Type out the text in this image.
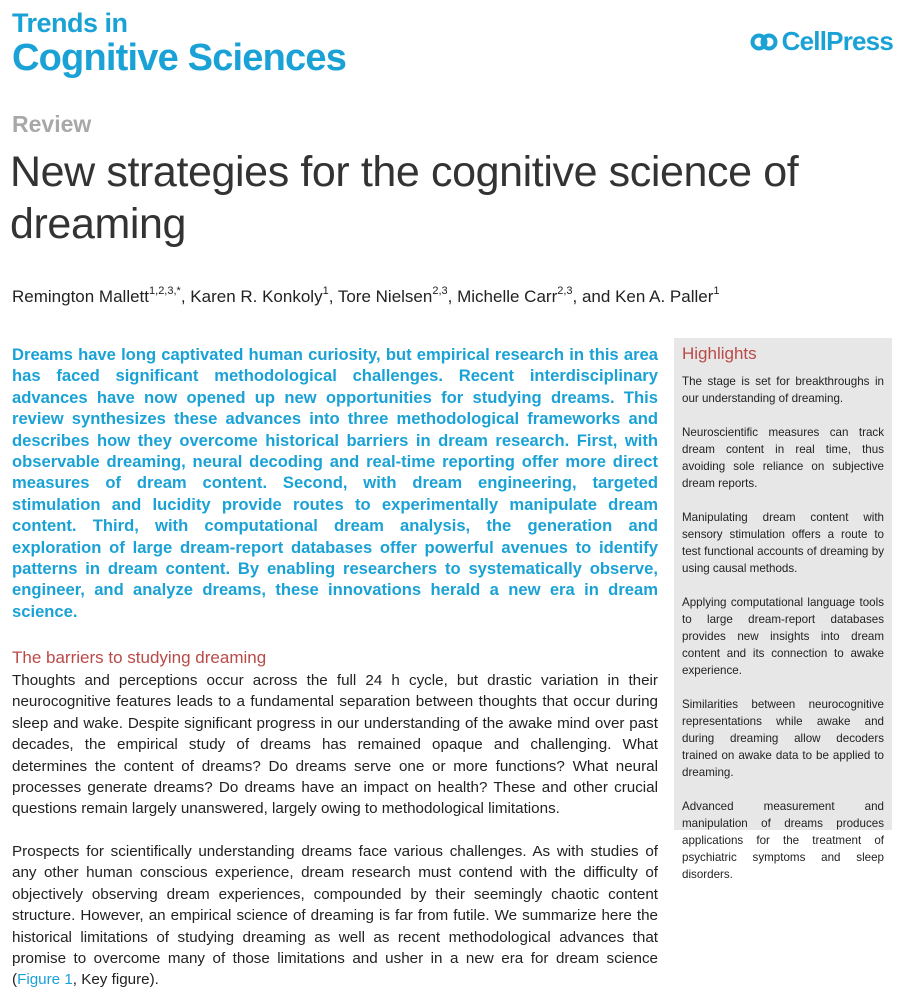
Trends in
Cognitive Sciences	CellPress
Review
New strategies for the cognitive science of dreaming
Remington Mallett$^{1,2,3,*}$, Karen R. Konkoly$^1$, Tore Nielsen$^{2,3}$, Michelle Carr$^{2,3}$, and Ken A. Paller$^1$

Dreams have long captivated human curiosity, but empirical research in this area has faced significant methodological challenges. Recent interdisciplinary advances have now opened up new opportunities for studying dreams. This review synthesizes these advances into three methodological frameworks and describes how they overcome historical barriers in dream research. First, with observable dreaming, neural decoding and real-time reporting offer more direct measures of dream content. Second, with dream engineering, targeted stimulation and lucidity provide routes to experimentally manipulate dream content. Third, with computational dream analysis, the generation and exploration of large dream-report databases offer powerful avenues to identify patterns in dream content. By enabling researchers to systematically observe, engineer, and analyze dreams, these innovations herald a new era in dream science.

Highlights
The stage is set for breakthroughs in our understanding of dreaming.
Neuroscientific measures can track dream content in real time, thus avoiding sole reliance on subjective dream reports.
Manipulating dream content with sensory stimulation offers a route to test functional accounts of dreaming by using causal methods.
Applying computational language tools to large dream-report databases provides new insights into dream content and its connection to awake experience.
Similarities between neurocognitive representations while awake and during dreaming allow decoders trained on awake data to be applied to dreaming.
Advanced measurement and manipulation of dreams produces applications for the treatment of psychiatric symptoms and sleep disorders.
The barriers to studying dreaming

Thoughts and perceptions occur across the full 24 h cycle, but drastic variation in their neurocognitive features leads to a fundamental separation between thoughts that occur during sleep and wake. Despite significant progress in our understanding of the awake mind over past decades, the empirical study of dreams has remained opaque and challenging. What determines the content of dreams? Do dreams serve one or more functions? What neural processes generate dreams? Do dreams have an impact on health? These and other crucial questions remain largely unanswered, largely owing to methodological limitations.

Prospects for scientifically understanding dreams face various challenges. As with studies of any other human conscious experience, dream research must contend with the difficulty of objectively observing dream experiences, compounded by their seemingly chaotic content structure. However, an empirical science of dreaming is far from futile. We summarize here the historical limitations of studying dreaming as well as recent methodological advances that promise to overcome many of those limitations and usher in a new era for dream science (Figure 1, Key figure).
